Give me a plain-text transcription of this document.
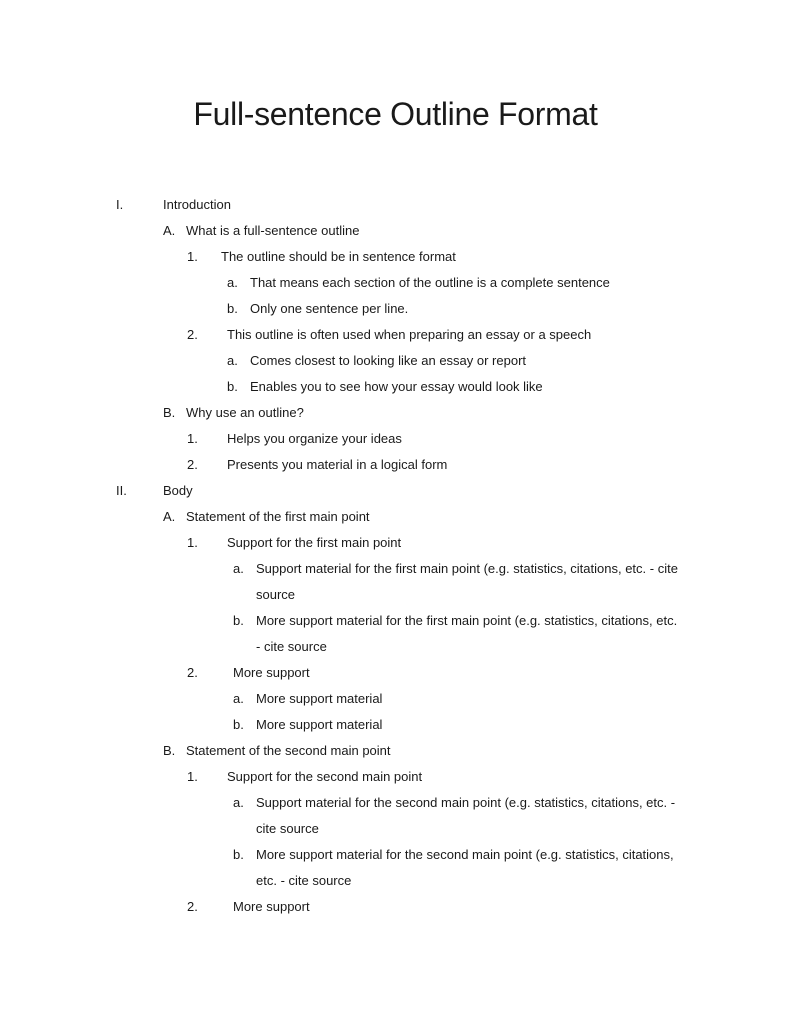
Full-sentence Outline Format
I.	Introduction
A. What is a full-sentence outline
1. The outline should be in sentence format
a. That means each section of the outline is a complete sentence
b. Only one sentence per line.
2. This outline is often used when preparing an essay or a speech
a. Comes closest to looking like an essay or report
b. Enables you to see how your essay would look like
B. Why use an outline?
1. Helps you organize your ideas
2. Presents you material in a logical form
II.	Body
A. Statement of the first main point
1. Support for the first main point
a. Support material for the first main point (e.g. statistics, citations, etc. - cite
source
b. More support material for the first main point (e.g. statistics, citations, etc.
- cite source
2.	More support
a. More support material
b. More support material
B. Statement of the second main point
1. Support for the second main point
a. Support material for the second main point (e.g. statistics, citations, etc. -
cite source
b. More support material for the second main point (e.g. statistics, citations,
etc. - cite source
2.	More support
